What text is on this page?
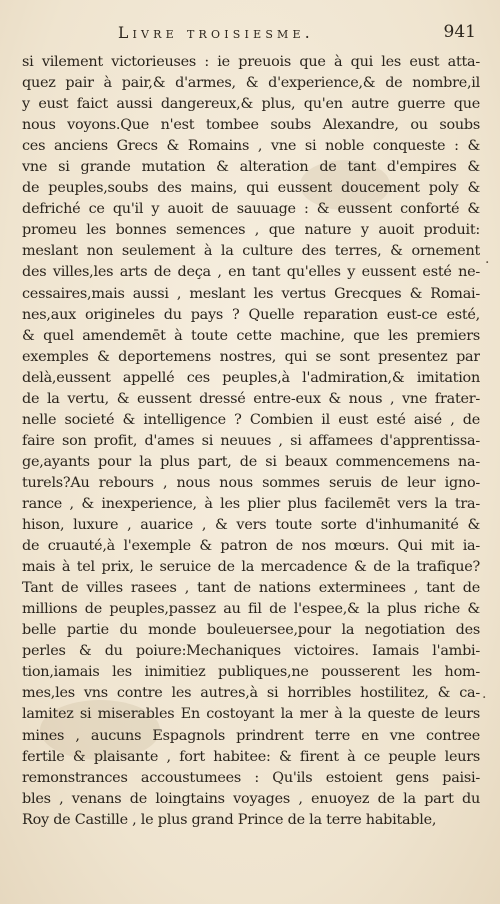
Livre troisiesme.	941
si vilement victorieuses : ie preuois que à qui les eust atta-
quez pair à pair,& d'armes, & d'experience,& de nombre,il
y eust faict aussi dangereux,& plus, qu'en autre guerre que
nous voyons.Que n'est tombee soubs Alexandre, ou soubs
ces anciens Grecs & Romains , vne si noble conqueste : &
vne si grande mutation & alteration de tant d'empires &
de peuples,soubs des mains, qui eussent doucement poly &
defriché ce qu'il y auoit de sauuage : & eussent conforté &
promeu les bonnes semences , que nature y auoit produit:
meslant non seulement à la culture des terres, & ornement
des villes,les arts de deça , en tant qu'elles y eussent esté ne-
cessaires,mais aussi , meslant les vertus Grecques & Romai-
nes,aux origineles du pays ? Quelle reparation eust-ce esté,
& quel amendemēt à toute cette machine, que les premiers
exemples & deportemens nostres, qui se sont presentez par
delà,eussent appellé ces peuples,à l'admiration,& imitation
de la vertu, & eussent dressé entre-eux & nous , vne frater-
nelle societé & intelligence ? Combien il eust esté aisé , de
faire son profit, d'ames si neuues , si affamees d'apprentissa-
ge,ayants pour la plus part, de si beaux commencemens na-
turels?Au rebours , nous nous sommes seruis de leur igno-
rance , & inexperience, à les plier plus facilemēt vers la tra-
hison, luxure , auarice , & vers toute sorte d'inhumanité &
de cruauté,à l'exemple & patron de nos mœurs. Qui mit ia-
mais à tel prix, le seruice de la mercadence & de la trafique?
Tant de villes rasees , tant de nations exterminees , tant de
millions de peuples,passez au fil de l'espee,& la plus riche &
belle partie du monde bouleuersee,pour la negotiation des
perles & du poiure:Mechaniques victoires. Iamais l'ambi-
tion,iamais les inimitiez publiques,ne pousserent les hom-
mes,les vns contre les autres,à si horribles hostilitez, & ca-
lamitez si miserables En costoyant la mer à la queste de leurs
mines , aucuns Espagnols prindrent terre en vne contree
fertile & plaisante , fort habitee: & firent à ce peuple leurs
remonstrances accoustumees : Qu'ils estoient gens paisi-
bles , venans de loingtains voyages , enuoyez de la part du
Roy de Castille , le plus grand Prince de la terre habitable,
·
·
